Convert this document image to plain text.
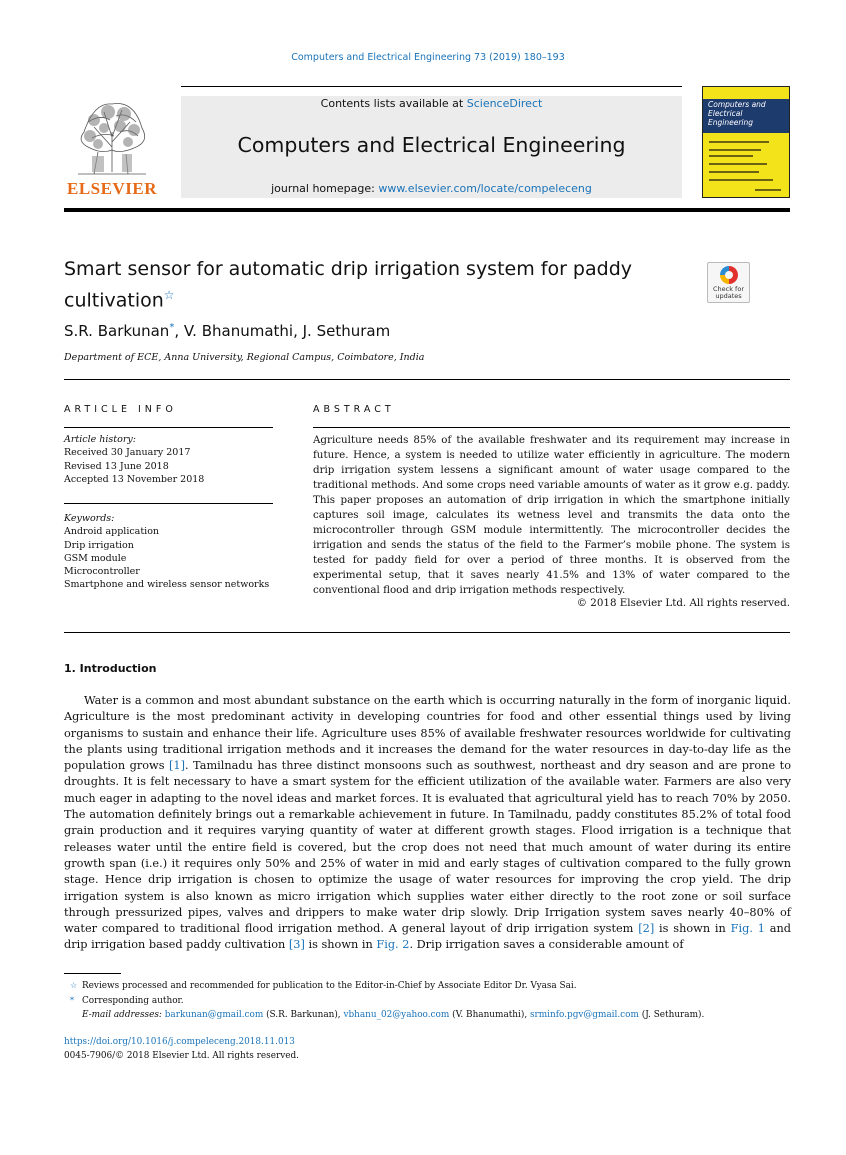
Computers and Electrical Engineering 73 (2019) 180–193
ELSEVIER
Contents lists available at ScienceDirect
Computers and Electrical Engineering
journal homepage: www.elsevier.com/locate/compeleceng
Computers and
Electrical Engineering
Smart sensor for automatic drip irrigation system for paddy
cultivation☆	Check for
updates
S.R. Barkunan*, V. Bhanumathi, J. Sethuram
Department of ECE, Anna University, Regional Campus, Coimbatore, India
ARTICLE INFO
Article history:
Received 30 January 2017
Revised 13 June 2018
Accepted 13 November 2018
Keywords:
Android application
Drip irrigation
GSM module
Microcontroller
Smartphone and wireless sensor networks
ABSTRACT
Agriculture needs 85% of the available freshwater and its requirement may increase in future. Hence, a system is needed to utilize water efficiently in agriculture. The modern drip irrigation system lessens a significant amount of water usage compared to the traditional methods. And some crops need variable amounts of water as it grow e.g. paddy. This paper proposes an automation of drip irrigation in which the smartphone initially captures soil image, calculates its wetness level and transmits the data onto the microcontroller through GSM module intermittently. The microcontroller decides the irrigation and sends the status of the field to the Farmer’s mobile phone. The system is tested for paddy field for over a period of three months. It is observed from the experimental setup, that it saves nearly 41.5% and 13% of water compared to the conventional flood and drip irrigation methods respectively.
© 2018 Elsevier Ltd. All rights reserved.
1. Introduction
Water is a common and most abundant substance on the earth which is occurring naturally in the form of inorganic liquid. Agriculture is the most predominant activity in developing countries for food and other essential things used by living organisms to sustain and enhance their life. Agriculture uses 85% of available freshwater resources worldwide for cultivating the plants using traditional irrigation methods and it increases the demand for the water resources in day-to-day life as the population grows [1]. Tamilnadu has three distinct monsoons such as southwest, northeast and dry season and are prone to droughts. It is felt necessary to have a smart system for the efficient utilization of the available water. Farmers are also very much eager in adapting to the novel ideas and market forces. It is evaluated that agricultural yield has to reach 70% by 2050. The automation definitely brings out a remarkable achievement in future. In Tamilnadu, paddy constitutes 85.2% of total food grain production and it requires varying quantity of water at different growth stages. Flood irrigation is a technique that releases water until the entire field is covered, but the crop does not need that much amount of water during its entire growth span (i.e.) it requires only 50% and 25% of water in mid and early stages of cultivation compared to the fully grown stage. Hence drip irrigation is chosen to optimize the usage of water resources for improving the crop yield. The drip irrigation system is also known as micro irrigation which supplies water either directly to the root zone or soil surface through pressurized pipes, valves and drippers to make water drip slowly. Drip Irrigation system saves nearly 40–80% of water compared to traditional flood irrigation method. A general layout of drip irrigation system [2] is shown in Fig. 1 and drip irrigation based paddy cultivation [3] is shown in Fig. 2. Drip irrigation saves a considerable amount of
☆ Reviews processed and recommended for publication to the Editor-in-Chief by Associate Editor Dr. Vyasa Sai.
* Corresponding author.
E-mail addresses: barkunan@gmail.com (S.R. Barkunan), vbhanu_02@yahoo.com (V. Bhanumathi), srminfo.pgv@gmail.com (J. Sethuram).
https://doi.org/10.1016/j.compeleceng.2018.11.013
0045-7906/© 2018 Elsevier Ltd. All rights reserved.
